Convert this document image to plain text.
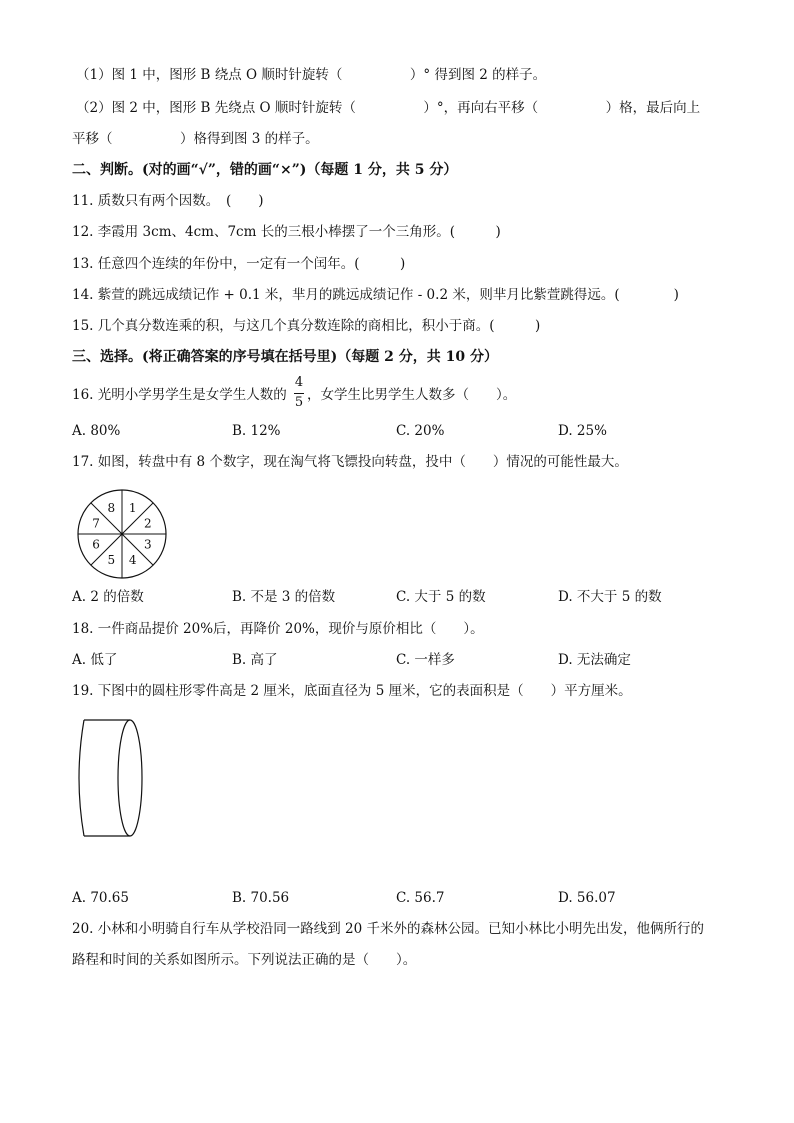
（1）图 1 中，图形 B 绕点 O 顺时针旋转（　　　　　）° 得到图 2 的样子。
（2）图 2 中，图形 B 先绕点 O 顺时针旋转（　　　　　）°，再向右平移（　　　　　）格，最后向上
平移（　　　　　）格得到图 3 的样子。
二、判断。(对的画“√”，错的画“×”)（每题 1 分，共 5 分）
11. 质数只有两个因数。　(　　)
12. 李霞用 3cm、4cm、7cm 长的三根小棒摆了一个三角形。(　　　)
13. 任意四个连续的年份中，一定有一个闰年。(　　　)
14. 紫萱的跳远成绩记作 + 0.1 米，芈月的跳远成绩记作 - 0.2 米，则芈月比紫萱跳得远。(　　　　)
15. 几个真分数连乘的积，与这几个真分数连除的商相比，积小于商。(　　　)
三、选择。(将正确答案的序号填在括号里)（每题 2 分，共 10 分）
16. 光明小学男学生是女学生人数的
4
5 ，女学生比男学生人数多（　　）。
A. 80%	B. 12%	C. 20%	D. 25%
17. 如图，转盘中有 8 个数字，现在淘气将飞镖投向转盘，投中（　　）情况的可能性最大。
1
2
3
4
5
6
7
8
A. 2 的倍数	B. 不是 3 的倍数	C. 大于 5 的数	D. 不大于 5 的数
18. 一件商品提价 20%后，再降价 20%，现价与原价相比（　　）。
A. 低了	B. 高了	C. 一样多	D. 无法确定
19. 下图中的圆柱形零件高是 2 厘米，底面直径为 5 厘米，它的表面积是（　　）平方厘米。
A. 70.65	B. 70.56	C. 56.7	D. 56.07
20. 小林和小明骑自行车从学校沿同一路线到 20 千米外的森林公园。已知小林比小明先出发，他俩所行的
路程和时间的关系如图所示。下列说法正确的是（　　）。
